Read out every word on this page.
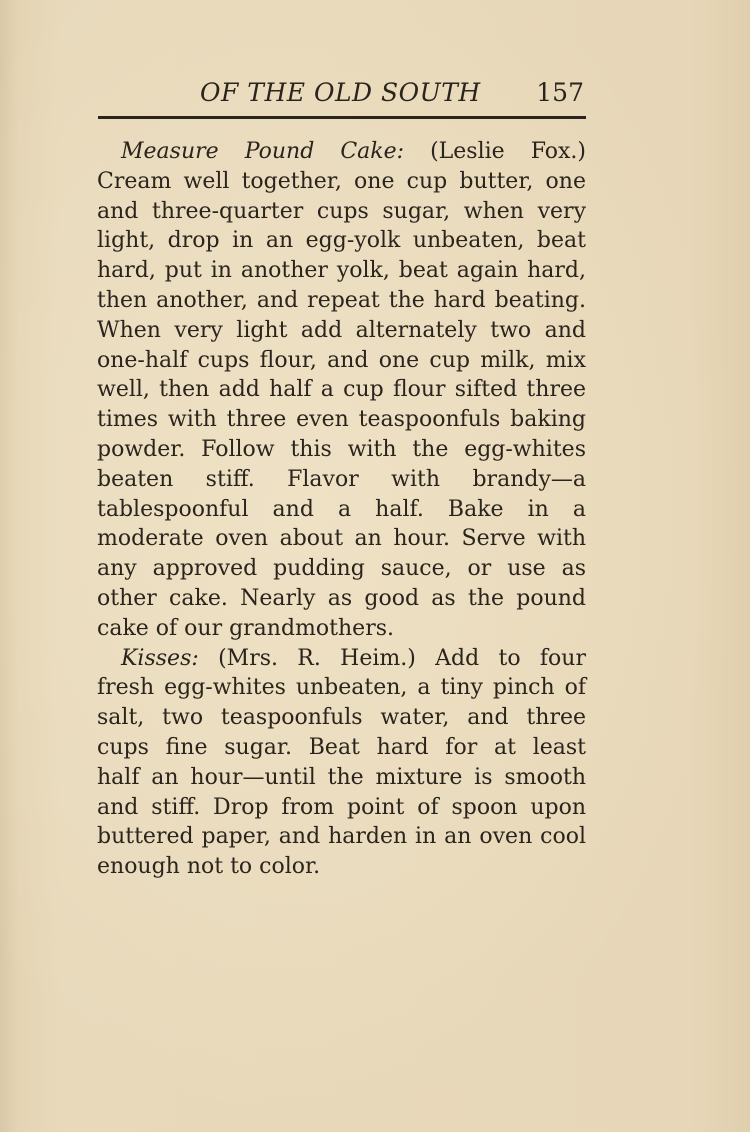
OF THE OLD SOUTH 157
Measure Pound Cake: (Leslie Fox.)
Cream well together, one cup butter, one
and three-quarter cups sugar, when very
light, drop in an egg-yolk unbeaten, beat
hard, put in another yolk, beat again hard,
then another, and repeat the hard beating.
When very light add alternately two and
one-half cups flour, and one cup milk, mix
well, then add half a cup flour sifted three
times with three even teaspoonfuls baking
powder. Follow this with the egg-whites
beaten stiff. Flavor with brandy—a
tablespoonful and a half. Bake in a
moderate oven about an hour. Serve with
any approved pudding sauce, or use as
other cake. Nearly as good as the pound
cake of our grandmothers.
Kisses: (Mrs. R. Heim.) Add to four
fresh egg-whites unbeaten, a tiny pinch of
salt, two teaspoonfuls water, and three
cups fine sugar. Beat hard for at least
half an hour—until the mixture is smooth
and stiff. Drop from point of spoon upon
buttered paper, and harden in an oven cool
enough not to color.
